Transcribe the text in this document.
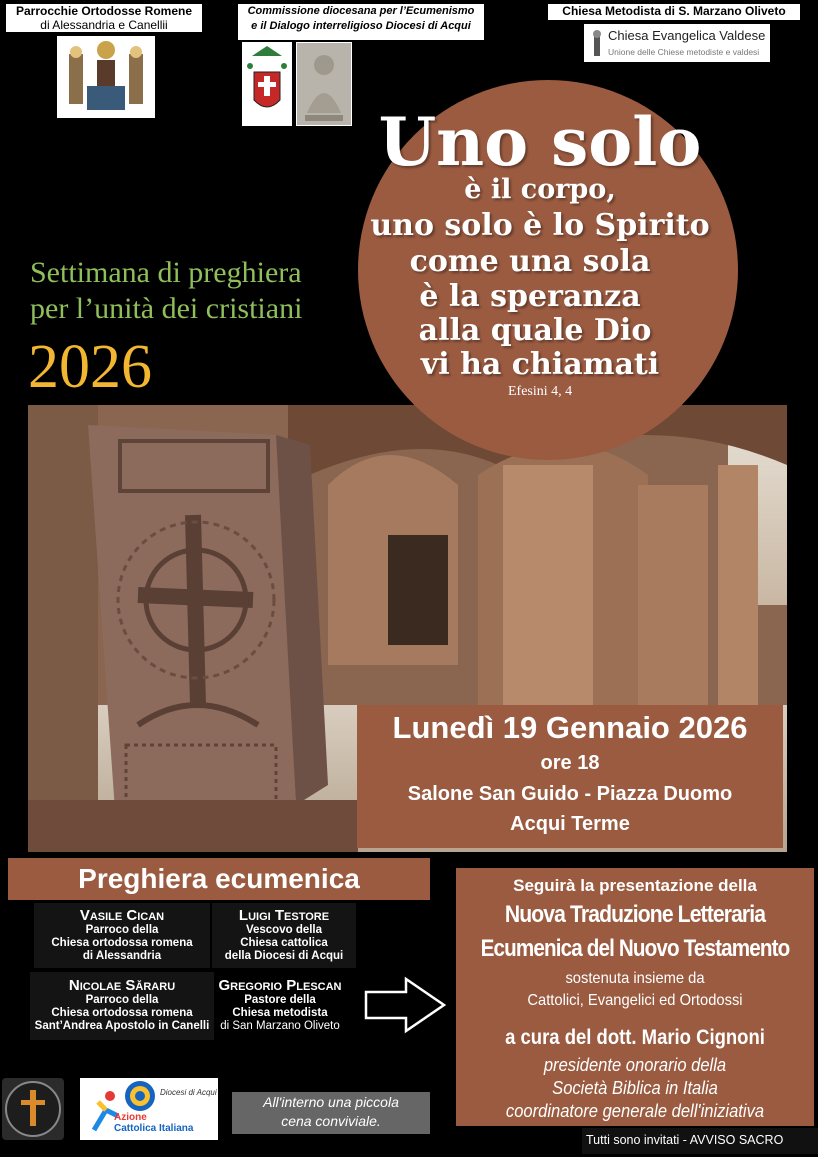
Parrocchie Ortodosse Romene
di Alessandria e Canellii
Commissione diocesana per l’Ecumenismo
e il Dialogo interreligioso Diocesi di Acqui
Chiesa Metodista di S. Marzano Oliveto
Chiesa Evangelica Valdese
Unione delle Chiese metodiste e valdesi
Uno solo
è il corpo,
uno solo è lo Spirito
come una sola
è la speranza
alla quale Dio
vi ha chiamati
Efesini 4, 4
Settimana di preghiera
per l’unità dei cristiani
2026
Lunedì 19 Gennaio 2026
ore 18
Salone San Guido - Piazza Duomo
Acqui Terme
Preghiera ecumenica
Vasile Cican
Parroco della
Chiesa ortodossa romena
di Alessandria
Luigi Testore
Vescovo della
Chiesa cattolica
della Diocesi di Acqui
Nicolae Săraru
Parroco della
Chiesa ortodossa romena
Sant’Andrea Apostolo in Canelli
Gregorio Plescan
Pastore della
Chiesa metodista
di San Marzano Oliveto
Seguirà la presentazione della
Nuova Traduzione Letteraria
Ecumenica del Nuovo Testamento
sostenuta insieme da
Cattolici, Evangelici ed Ortodossi
a cura del dott. Mario Cignoni
presidente onorario della
Società Biblica in Italia
coordinatore generale dell'iniziativa
Azione
Cattolica Italiana
Diocesi di Acqui
All'interno una piccola
cena conviviale.
Tutti sono invitati - AVVISO SACRO
